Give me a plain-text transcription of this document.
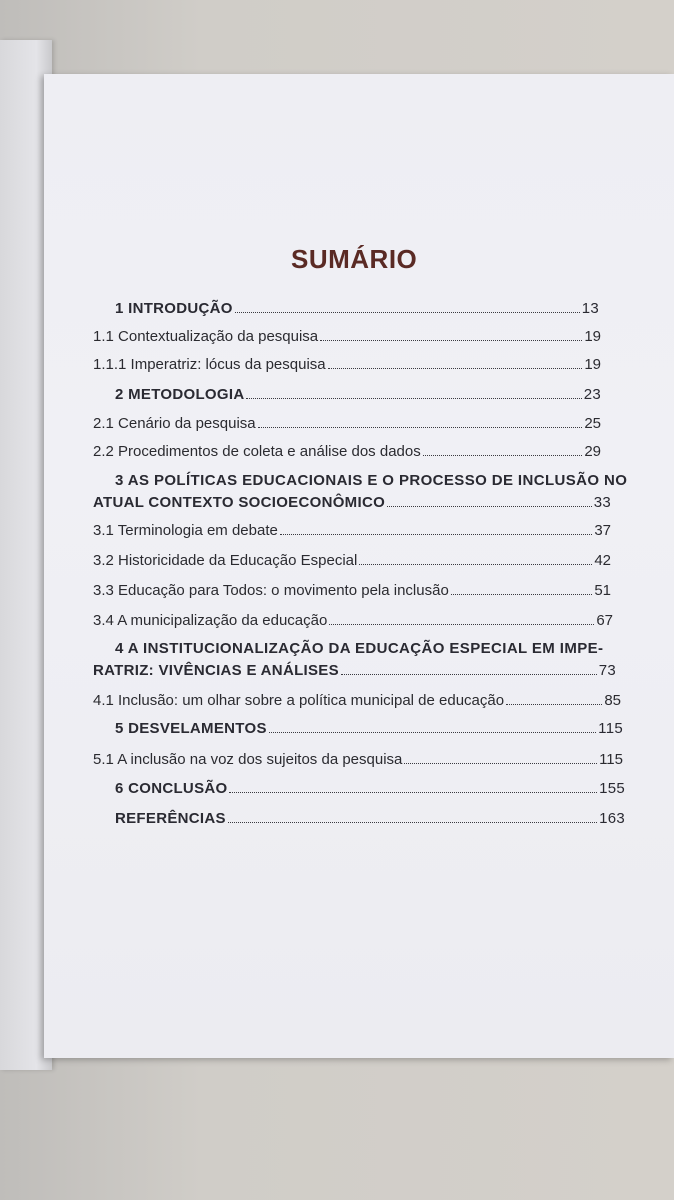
SUMÁRIO
1 INTRODUÇÃO	13
1.1 Contextualização da pesquisa	19
1.1.1 Imperatriz: lócus da pesquisa	19
2 METODOLOGIA	23
2.1 Cenário da pesquisa	25
2.2 Procedimentos de coleta e análise dos dados	29
3 AS POLÍTICAS EDUCACIONAIS E O PROCESSO DE INCLUSÃO NO
ATUAL CONTEXTO SOCIOECONÔMICO	33
3.1 Terminologia em debate	37
3.2 Historicidade da Educação Especial	42
3.3 Educação para Todos: o movimento pela inclusão	51
3.4 A municipalização da educação	67
4 A INSTITUCIONALIZAÇÃO DA EDUCAÇÃO ESPECIAL EM IMPE-
RATRIZ: VIVÊNCIAS E ANÁLISES	73
4.1 Inclusão: um olhar sobre a política municipal de educação	85
5 DESVELAMENTOS	115
5.1 A inclusão na voz dos sujeitos da pesquisa	115
6 CONCLUSÃO	155
REFERÊNCIAS	163
